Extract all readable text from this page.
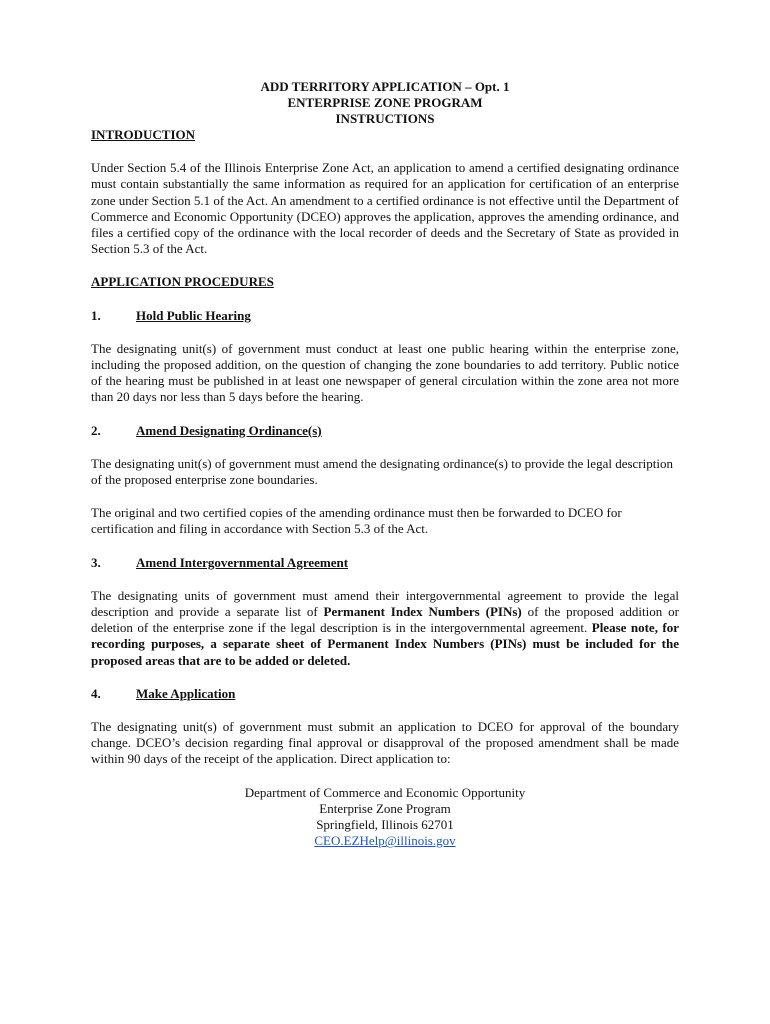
ADD TERRITORY APPLICATION – Opt. 1
ENTERPRISE ZONE PROGRAM
INSTRUCTIONS
INTRODUCTION

Under Section 5.4 of the Illinois Enterprise Zone Act, an application to amend a certified designating ordinance must contain substantially the same information as required for an application for certification of an enterprise zone under Section 5.1 of the Act. An amendment to a certified ordinance is not effective until the Department of Commerce and Economic Opportunity (DCEO) approves the application, approves the amending ordinance, and files a certified copy of the ordinance with the local recorder of deeds and the Secretary of State as provided in Section 5.3 of the Act.

APPLICATION PROCEDURES
1.	Hold Public Hearing

The designating unit(s) of government must conduct at least one public hearing within the enterprise zone, including the proposed addition, on the question of changing the zone boundaries to add territory. Public notice of the hearing must be published in at least one newspaper of general circulation within the zone area not more than 20 days nor less than 5 days before the hearing.

2.	Amend Designating Ordinance(s)

The designating unit(s) of government must amend the designating ordinance(s) to provide the legal description of the proposed enterprise zone boundaries.

The original and two certified copies of the amending ordinance must then be forwarded to DCEO for certification and filing in accordance with Section 5.3 of the Act.

3.	Amend Intergovernmental Agreement

The designating units of government must amend their intergovernmental agreement to provide the legal description and provide a separate list of Permanent Index Numbers (PINs) of the proposed addition or deletion of the enterprise zone if the legal description is in the intergovernmental agreement. Please note, for recording purposes, a separate sheet of Permanent Index Numbers (PINs) must be included for the proposed areas that are to be added or deleted.

4.	Make Application

The designating unit(s) of government must submit an application to DCEO for approval of the boundary change. DCEO’s decision regarding final approval or disapproval of the proposed amendment shall be made within 90 days of the receipt of the application. Direct application to:

Department of Commerce and Economic Opportunity
Enterprise Zone Program
Springfield, Illinois 62701
CEO.EZHelp@illinois.gov
